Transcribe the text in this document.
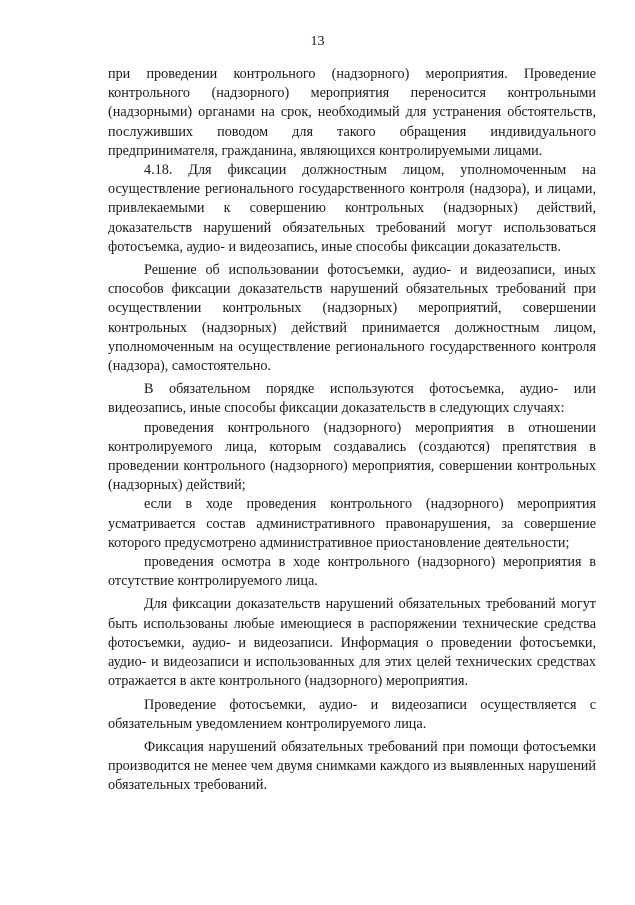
13

при проведении контрольного (надзорного) мероприятия. Проведение контрольного (надзорного) мероприятия переносится контрольными (надзорными) органами на срок, необходимый для устранения обстоятельств, послуживших поводом для такого обращения индивидуального предпринимателя, гражданина, являющихся контролируемыми лицами.

4.18. Для фиксации должностным лицом, уполномоченным на осуществление регионального государственного контроля (надзора), и лицами, привлекаемыми к совершению контрольных (надзорных) действий, доказательств нарушений обязательных требований могут использоваться фотосъемка, аудио- и видеозапись, иные способы фиксации доказательств.

Решение об использовании фотосъемки, аудио- и видеозаписи, иных способов фиксации доказательств нарушений обязательных требований при осуществлении контрольных (надзорных) мероприятий, совершении контрольных (надзорных) действий принимается должностным лицом, уполномоченным на осуществление регионального государственного контроля (надзора), самостоятельно.

В обязательном порядке используются фотосъемка, аудио- или видеозапись, иные способы фиксации доказательств в следующих случаях:

проведения контрольного (надзорного) мероприятия в отношении контролируемого лица, которым создавались (создаются) препятствия в проведении контрольного (надзорного) мероприятия, совершении контрольных (надзорных) действий;

если в ходе проведения контрольного (надзорного) мероприятия усматривается состав административного правонарушения, за совершение которого предусмотрено административное приостановление деятельности;

проведения осмотра в ходе контрольного (надзорного) мероприятия в отсутствие контролируемого лица.

Для фиксации доказательств нарушений обязательных требований могут быть использованы любые имеющиеся в распоряжении технические средства фотосъемки, аудио- и видеозаписи. Информация о проведении фотосъемки, аудио- и видеозаписи и использованных для этих целей технических средствах отражается в акте контрольного (надзорного) мероприятия.

Проведение фотосъемки, аудио- и видеозаписи осуществляется с обязательным уведомлением контролируемого лица.

Фиксация нарушений обязательных требований при помощи фотосъемки производится не менее чем двумя снимками каждого из выявленных нарушений обязательных требований.
